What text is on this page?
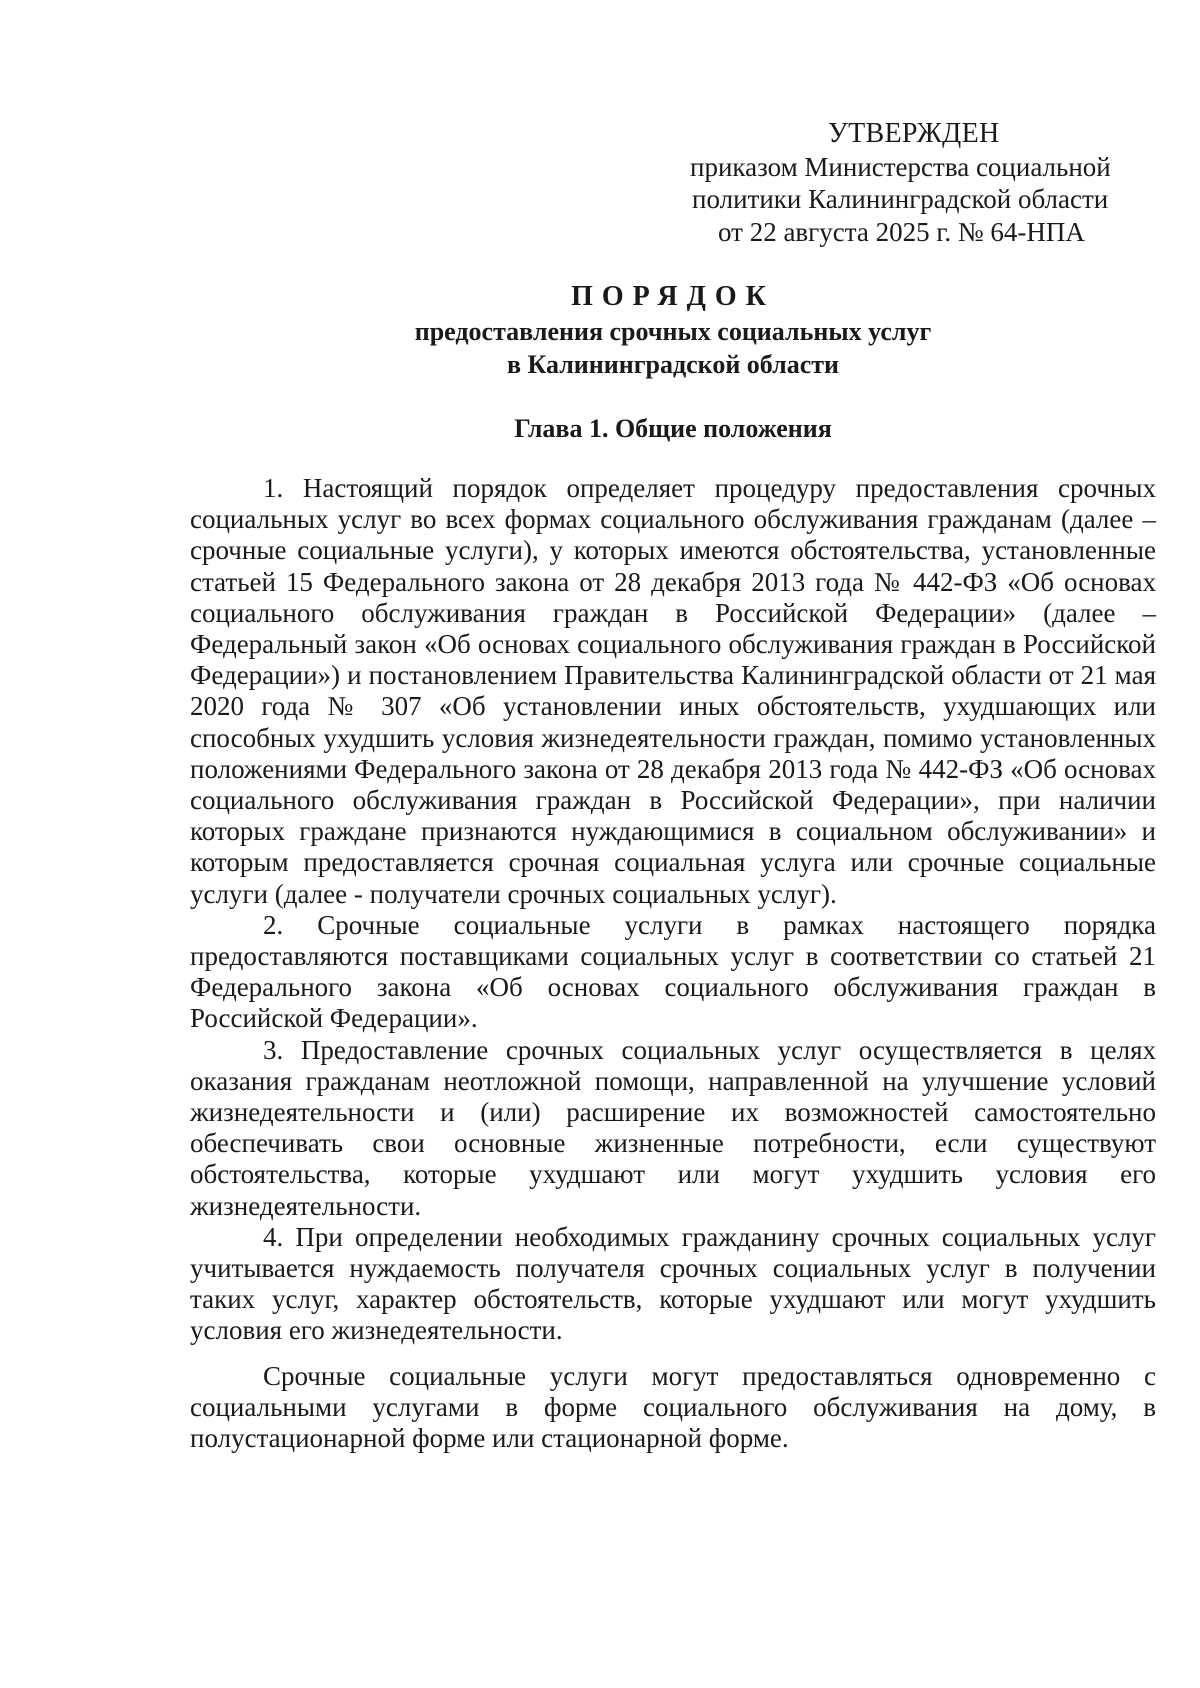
УТВЕРЖДЕН
приказом Министерства социальной
политики Калининградской области
от 22 августа 2025 г. № 64-НПА
ПОРЯДОК
предоставления срочных социальных услуг
в Калининградской области
Глава 1. Общие положения

1. Настоящий порядок определяет процедуру предоставления срочных социальных услуг во всех формах социального обслуживания гражданам (далее – срочные социальные услуги), у которых имеются обстоятельства, установленные статьей 15 Федерального закона от 28 декабря 2013 года № 442-ФЗ «Об основах социального обслуживания граждан в Российской Федерации» (далее – Федеральный закон «Об основах социального обслуживания граждан в Российской Федерации») и постановлением Правительства Калининградской области от 21 мая 2020 года № 307 «Об установлении иных обстоятельств, ухудшающих или способных ухудшить условия жизнедеятельности граждан, помимо установленных положениями Федерального закона от 28 декабря 2013 года № 442-ФЗ «Об основах социального обслуживания граждан в Российской Федерации», при наличии которых граждане признаются нуждающимися в социальном обслуживании» и которым предоставляется срочная социальная услуга или срочные социальные услуги (далее - получатели срочных социальных услуг).

2. Срочные социальные услуги в рамках настоящего порядка предоставляются поставщиками социальных услуг в соответствии со статьей 21 Федерального закона «Об основах социального обслуживания граждан в Российской Федерации».

3. Предоставление срочных социальных услуг осуществляется в целях оказания гражданам неотложной помощи, направленной на улучшение условий жизнедеятельности и (или) расширение их возможностей самостоятельно обеспечивать свои основные жизненные потребности, если существуют обстоятельства, которые ухудшают или могут ухудшить условия его жизнедеятельности.

4. При определении необходимых гражданину срочных социальных услуг учитывается нуждаемость получателя срочных социальных услуг в получении таких услуг, характер обстоятельств, которые ухудшают или могут ухудшить условия его жизнедеятельности.

Срочные социальные услуги могут предоставляться одновременно с социальными услугами в форме социального обслуживания на дому, в полустационарной форме или стационарной форме.
